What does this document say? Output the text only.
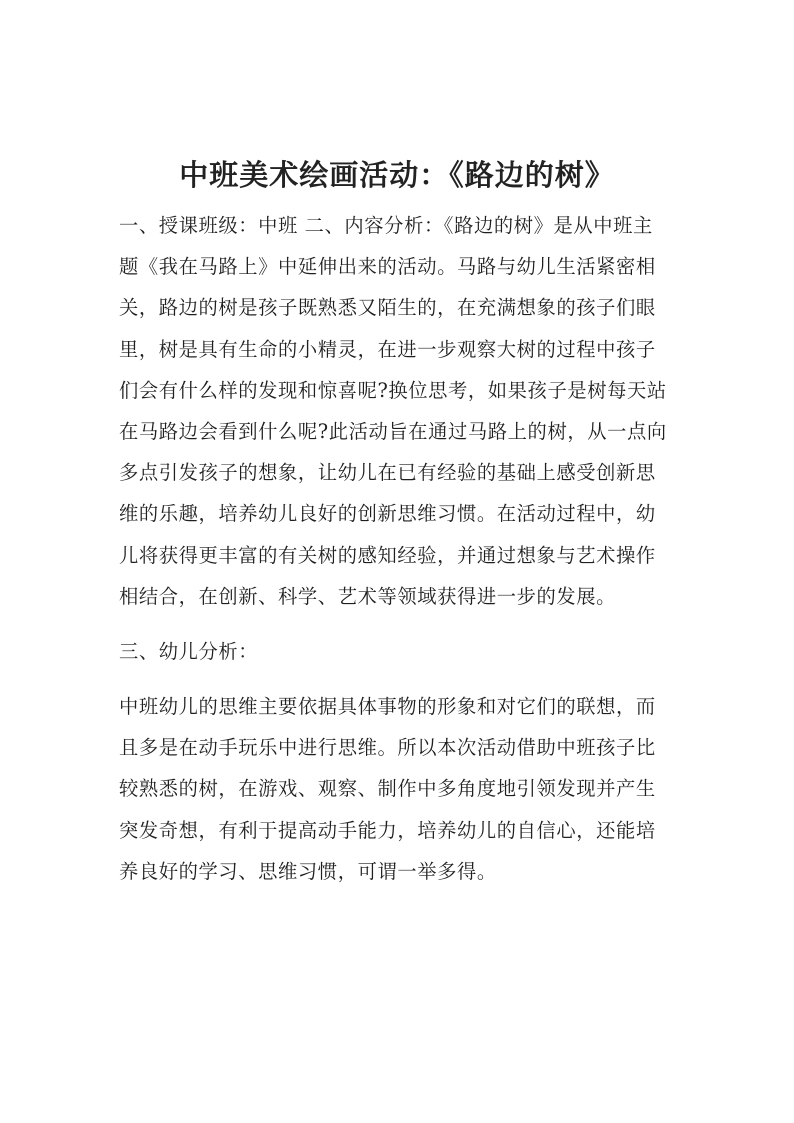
中班美术绘画活动：《路边的树》
一、授课班级：中班 二、内容分析：《路边的树》是从中班主
题《我在马路上》中延伸出来的活动。马路与幼儿生活紧密相
关，路边的树是孩子既熟悉又陌生的，在充满想象的孩子们眼
里，树是具有生命的小精灵，在进一步观察大树的过程中孩子
们会有什么样的发现和惊喜呢?换位思考，如果孩子是树每天站
在马路边会看到什么呢?此活动旨在通过马路上的树，从一点向
多点引发孩子的想象，让幼儿在已有经验的基础上感受创新思
维的乐趣，培养幼儿良好的创新思维习惯。在活动过程中，幼
儿将获得更丰富的有关树的感知经验，并通过想象与艺术操作
相结合，在创新、科学、艺术等领域获得进一步的发展。
三、幼儿分析：
中班幼儿的思维主要依据具体事物的形象和对它们的联想，而
且多是在动手玩乐中进行思维。所以本次活动借助中班孩子比
较熟悉的树，在游戏、观察、制作中多角度地引领发现并产生
突发奇想，有利于提高动手能力，培养幼儿的自信心，还能培
养良好的学习、思维习惯，可谓一举多得。
